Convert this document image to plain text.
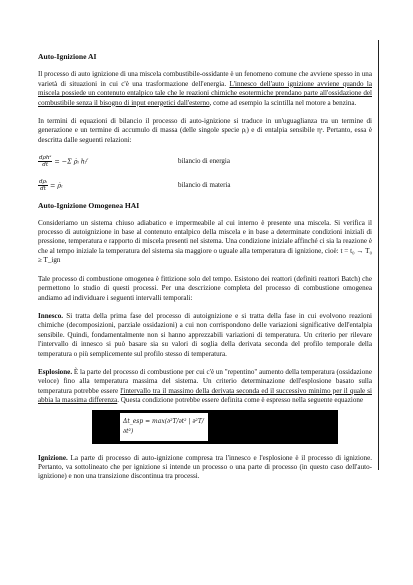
Auto-Ignizione AI

Il processo di auto ignizione di una miscela combustibile-ossidante è un fenomeno comune che avviene spesso in una varietà di situazioni in cui c'è una trasformazione dell'energia. L'innesco dell'auto ignizione avviene quando la miscela possiede un contenuto entalpico tale che le reazioni chimiche esotermiche prendano parte all'ossidazione del combustibile senza il bisogno di input energetici dall'esterno, come ad esempio la scintilla nel motore a benzina.

In termini di equazioni di bilancio il processo di auto-ignizione si traduce in un'uguaglianza tra un termine di generazione e un termine di accumulo di massa (delle singole specie ρᵢ) e di entalpia sensibile ηˢ. Pertanto, essa è descritta dalle seguenti relazioni:

$\frac{\text{dρhˢ}}{dt} = -\Sigma$ ρ̇ᵢ hᵢᶠ	bilancio di energia
$\frac{\text{dρᵢ}}{dt}$ = ρ̇ᵢ	bilancio di materia

Auto-Ignizione Omogenea HAI

Consideriamo un sistema chiuso adiabatico e impermeabile al cui interno è presente una miscela. Si verifica il processo di autoignizione in base al contenuto entalpico della miscela e in base a determinate condizioni iniziali di pressione, temperatura e rapporto di miscela presenti nel sistema. Una condizione iniziale affinché ci sia la reazione è che al tempo iniziale la temperatura del sistema sia maggiore o uguale alla temperatura di ignizione, cioè: t = t₀ → T₀ ≥ T_ign

Tale processo di combustione omogenea è fittizione solo del tempo. Esistono dei reattori (definiti reattori Batch) che permettono lo studio di questi processi. Per una descrizione completa del processo di combustione omogenea andiamo ad individuare i seguenti intervalli temporali:

Innesco. Si tratta della prima fase del processo di autoignizione e si tratta della fase in cui evolvono reazioni chimiche (decomposizioni, parziale ossidazioni) a cui non corrispondono delle variazioni significative dell'entalpia sensibile. Quindi, fondamentalmente non si hanno apprezzabili variazioni di temperatura. Un criterio per rilevare l'intervallo di innesco si può basare sia su valori di soglia della derivata seconda del profilo temporale della temperatura o più semplicemente sul profilo stesso di temperatura.

Esplosione. È la parte del processo di combustione per cui c'è un "repentino" aumento della temperatura (ossidazione veloce) fino alla temperatura massima del sistema. Un criterio determinazione dell'esplosione basato sulla temperatura potrebbe essere l'intervallo tra il massimo della derivata seconda ed il successivo minimo per il quale si abbia la massima differenza. Questa condizione potrebbe essere definita come è espresso nella seguente equazione

Δt_esp = max(∂²T/∂t² | ∂²T/∂t²)

Ignizione. La parte di processo di auto-ignizione compresa tra l'innesco e l'esplosione è il processo di ignizione. Pertanto, va sottolineato che per ignizione si intende un processo o una parte di processo (in questo caso dell'auto-ignizione) e non una transizione discontinua tra processi.
